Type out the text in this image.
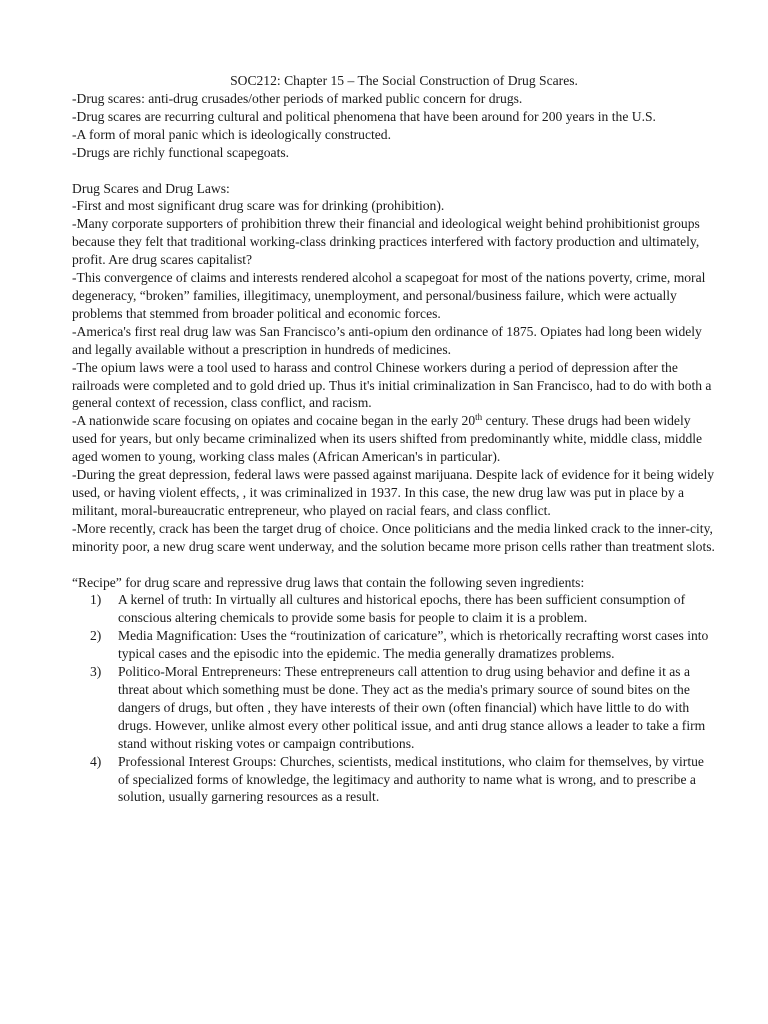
SOC212: Chapter 15 – The Social Construction of Drug Scares.

-Drug scares: anti-drug crusades/other periods of marked public concern for drugs.

-Drug scares are recurring cultural and political phenomena that have been around for 200 years in the U.S.

-A form of moral panic which is ideologically constructed.

-Drugs are richly functional scapegoats.

Drug Scares and Drug Laws:

-First and most significant drug scare was for drinking (prohibition).

-Many corporate supporters of prohibition threw their financial and ideological weight behind prohibitionist groups because they felt that traditional working-class drinking practices interfered with factory production and ultimately, profit. Are drug scares capitalist?

-This convergence of claims and interests rendered alcohol a scapegoat for most of the nations poverty, crime, moral degeneracy, “broken” families, illegitimacy, unemployment, and personal/business failure, which were actually problems that stemmed from broader political and economic forces.

-America's first real drug law was San Francisco’s anti-opium den ordinance of 1875. Opiates had long been widely and legally available without a prescription in hundreds of medicines.

-The opium laws were a tool used to harass and control Chinese workers during a period of depression after the railroads were completed and to gold dried up. Thus it's initial criminalization in San Francisco, had to do with both a general context of recession, class conflict, and racism.

-A nationwide scare focusing on opiates and cocaine began in the early 20th century. These drugs had been widely used for years, but only became criminalized when its users shifted from predominantly white, middle class, middle aged women to young, working class males (African American's in particular).

-During the great depression, federal laws were passed against marijuana. Despite lack of evidence for it being widely used, or having violent effects, , it was criminalized in 1937. In this case, the new drug law was put in place by a militant, moral-bureaucratic entrepreneur, who played on racial fears, and class conflict.

-More recently, crack has been the target drug of choice. Once politicians and the media linked crack to the inner-city, minority poor, a new drug scare went underway, and the solution became more prison cells rather than treatment slots.

“Recipe” for drug scare and repressive drug laws that contain the following seven ingredients:

1) A kernel of truth: In virtually all cultures and historical epochs, there has been sufficient consumption of conscious altering chemicals to provide some basis for people to claim it is a problem.
2) Media Magnification: Uses the “routinization of caricature”, which is rhetorically recrafting worst cases into typical cases and the episodic into the epidemic. The media generally dramatizes problems.
3) Politico-Moral Entrepreneurs: These entrepreneurs call attention to drug using behavior and define it as a threat about which something must be done. They act as the media's primary source of sound bites on the dangers of drugs, but often , they have interests of their own (often financial) which have little to do with drugs. However, unlike almost every other political issue, and anti drug stance allows a leader to take a firm stand without risking votes or campaign contributions.
4) Professional Interest Groups: Churches, scientists, medical institutions, who claim for themselves, by virtue of specialized forms of knowledge, the legitimacy and authority to name what is wrong, and to prescribe a solution, usually garnering resources as a result.
